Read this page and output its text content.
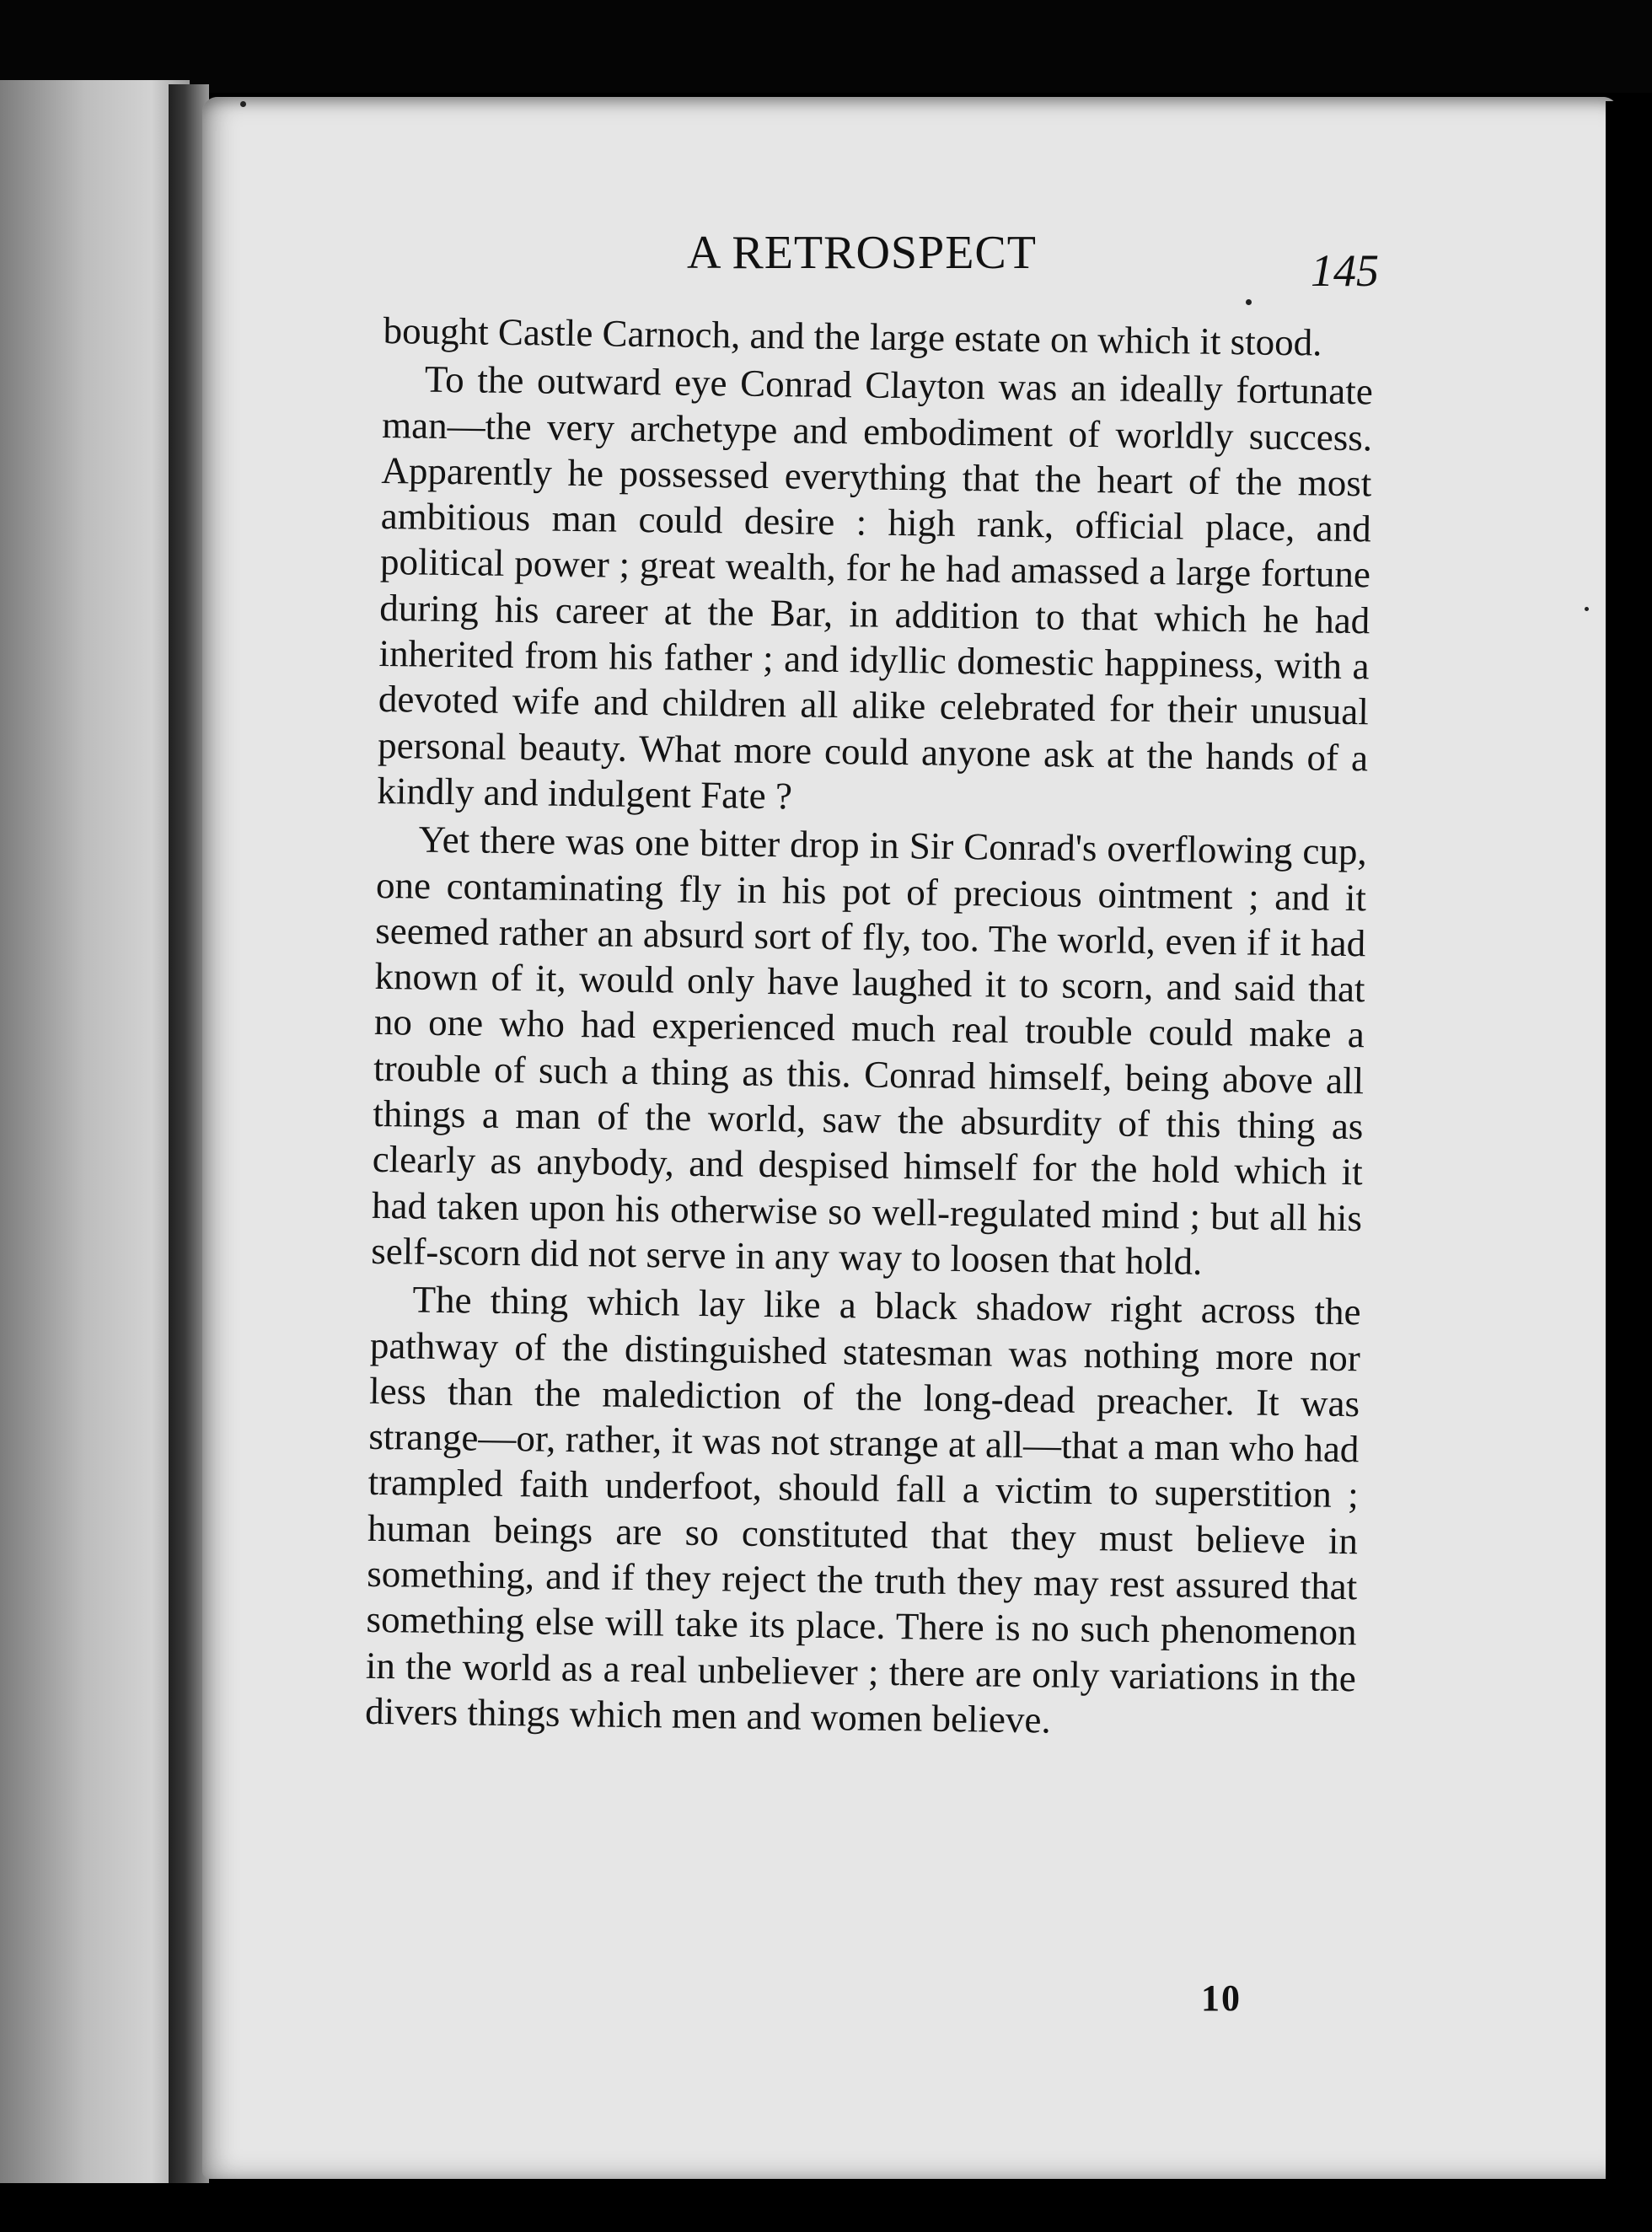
A RETROSPECT	145

bought Castle Carnoch, and the large estate on which it stood.

To the outward eye Conrad Clayton was an ideally fortunate man—the very archetype and embodiment of worldly success. Apparently he possessed everything that the heart of the most ambitious man could desire : high rank, official place, and political power ; great wealth, for he had amassed a large fortune during his career at the Bar, in addition to that which he had inherited from his father ; and idyllic domestic happiness, with a devoted wife and children all alike celebrated for their unusual personal beauty. What more could anyone ask at the hands of a kindly and indulgent Fate ?

Yet there was one bitter drop in Sir Conrad's overflowing cup, one contaminating fly in his pot of precious ointment ; and it seemed rather an absurd sort of fly, too. The world, even if it had known of it, would only have laughed it to scorn, and said that no one who had experienced much real trouble could make a trouble of such a thing as this. Conrad himself, being above all things a man of the world, saw the absurdity of this thing as clearly as anybody, and despised himself for the hold which it had taken upon his otherwise so well-regulated mind ; but all his self-scorn did not serve in any way to loosen that hold.

The thing which lay like a black shadow right across the pathway of the distinguished statesman was nothing more nor less than the malediction of the long-dead preacher. It was strange—or, rather, it was not strange at all—that a man who had trampled faith underfoot, should fall a victim to superstition ; human beings are so constituted that they must believe in something, and if they reject the truth they may rest assured that something else will take its place. There is no such phenomenon in the world as a real unbeliever ; there are only variations in the divers things which men and women believe.

10
